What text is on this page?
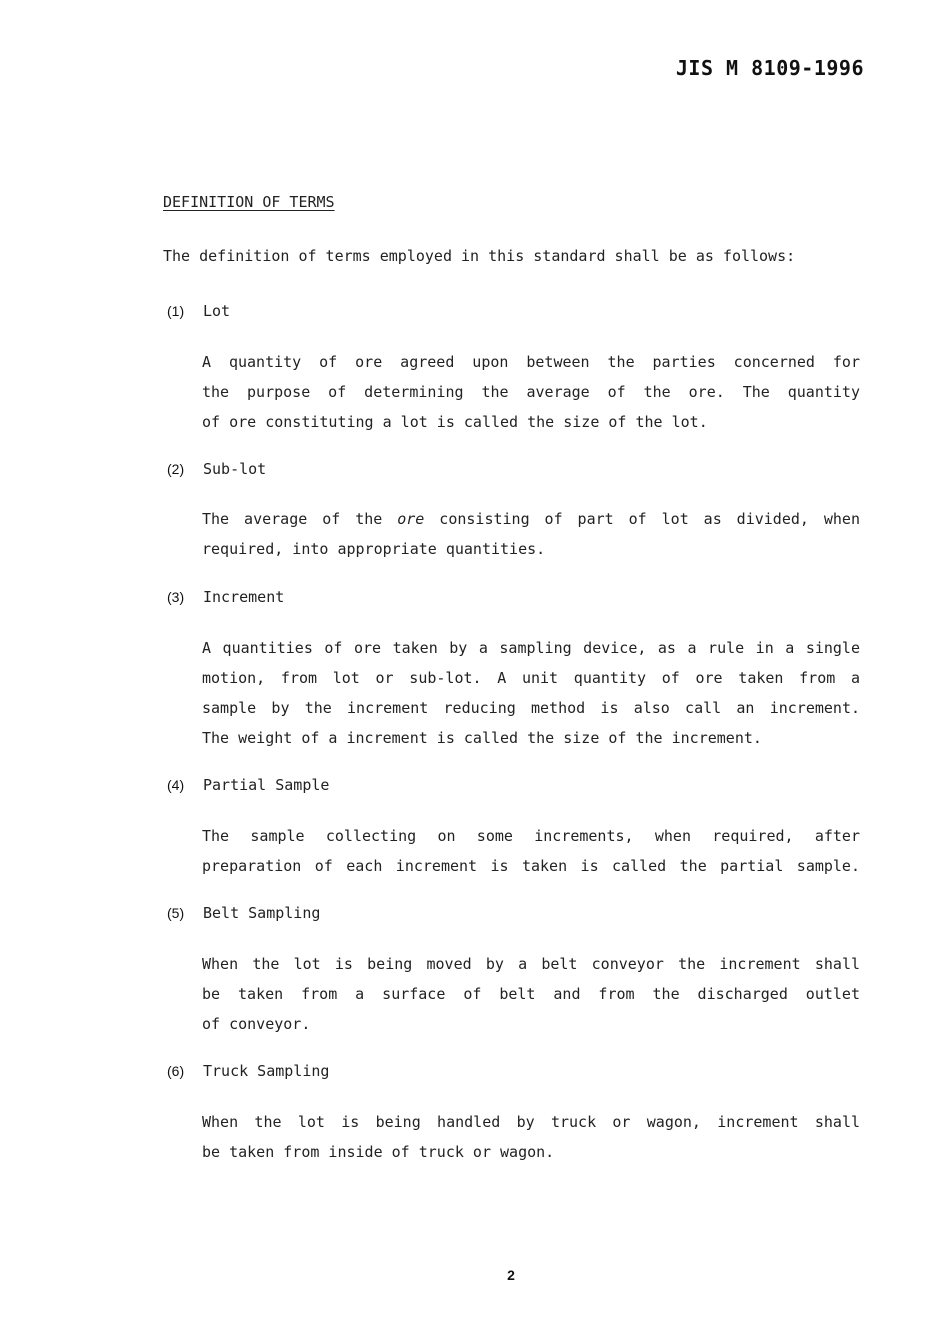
JIS M 8109-1996
DEFINITION OF TERMS
The definition of terms employed in this standard shall be as follows:
(1)	Lot
A quantity of ore agreed upon between the parties concerned for
the purpose of determining the average of the ore. The quantity
of ore constituting a lot is called the size of the lot.
(2)	Sub-lot
The average of the ore consisting of part of lot as divided, when
required, into appropriate quantities.
(3)	Increment
A quantities of ore taken by a sampling device, as a rule in a single
motion, from lot or sub-lot. A unit quantity of ore taken from a
sample by the increment reducing method is also call an increment.
The weight of a increment is called the size of the increment.
(4)	Partial Sample
The sample collecting on some increments, when required, after
preparation of each increment is taken is called the partial sample.
(5)	Belt Sampling
When the lot is being moved by a belt conveyor the increment shall
be taken from a surface of belt and from the discharged outlet
of conveyor.
(6)	Truck Sampling
When the lot is being handled by truck or wagon, increment shall
be taken from inside of truck or wagon.
2
